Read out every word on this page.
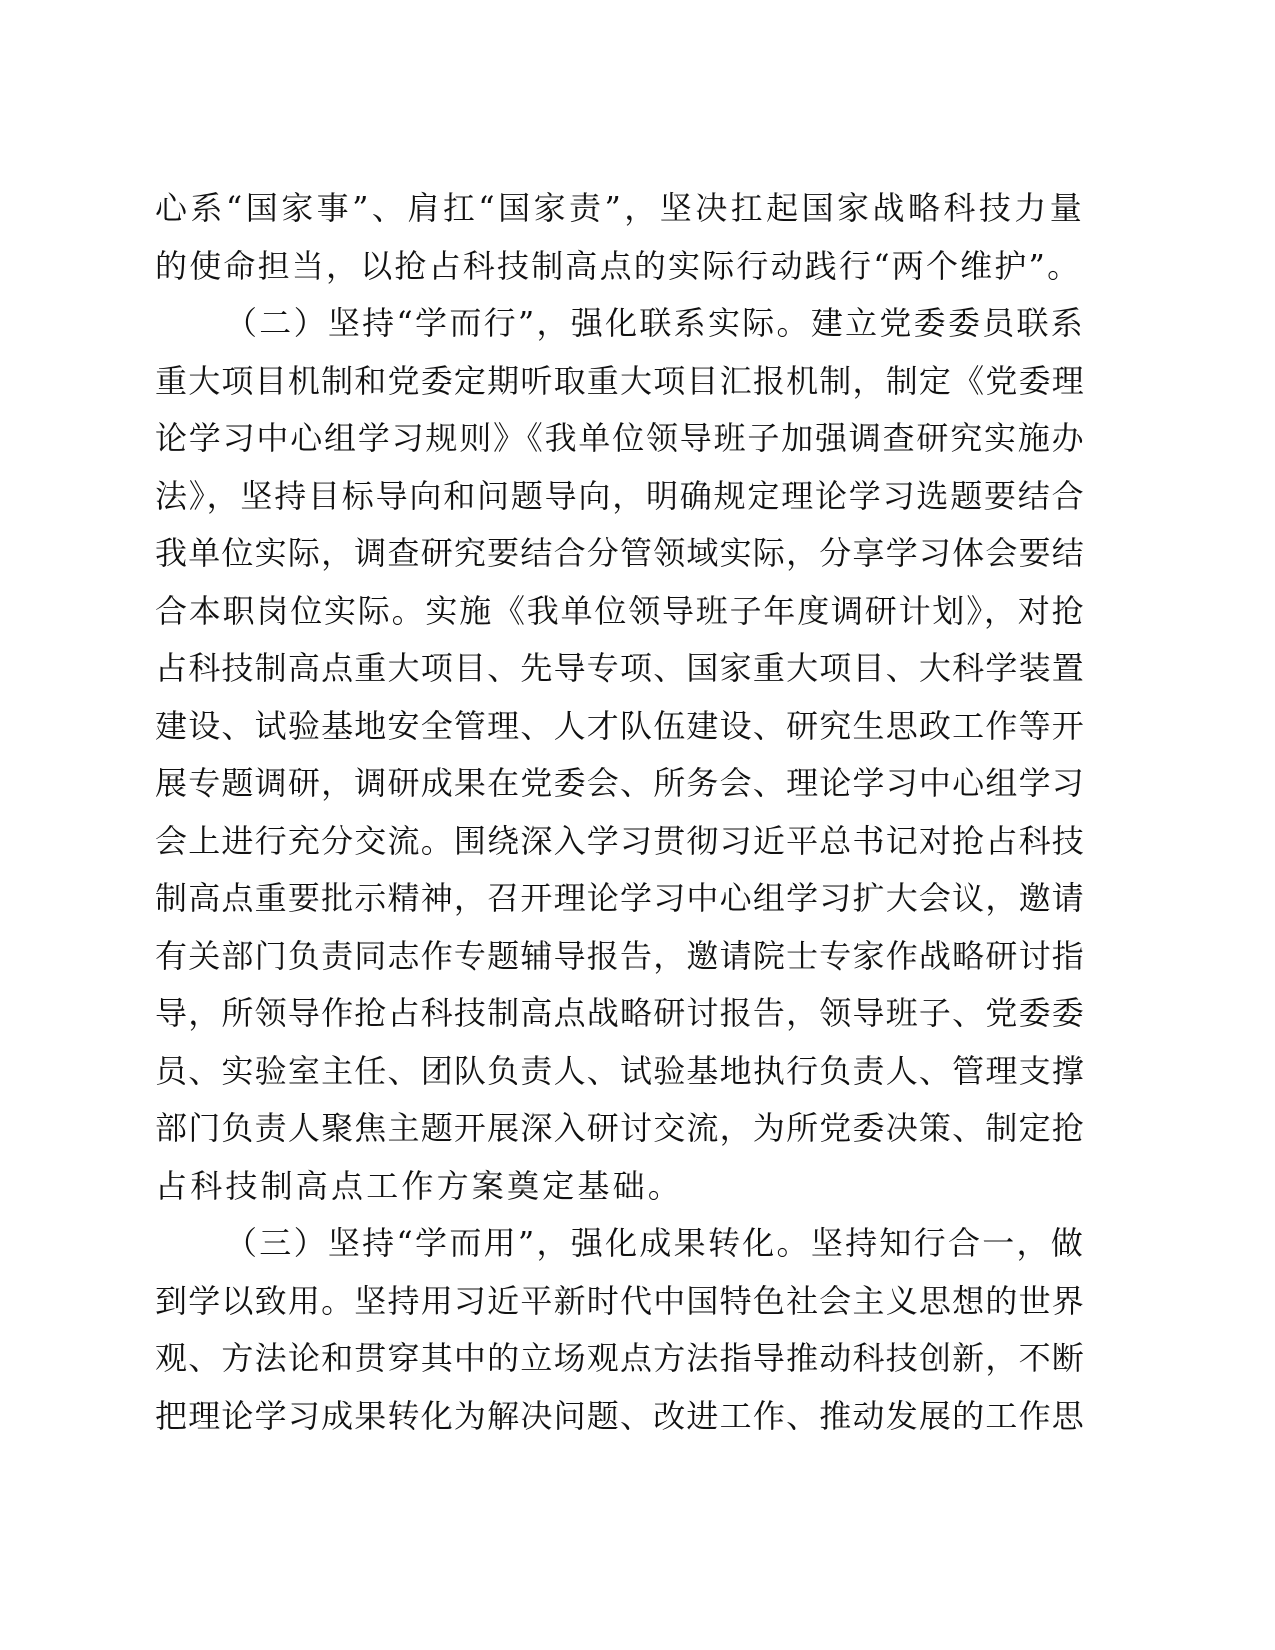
心系“国家事”、肩扛“国家责”，坚决扛起国家战略科技力量
的使命担当，以抢占科技制高点的实际行动践行“两个维护”。

（二）坚持“学而行”，强化联系实际。建立党委委员联系
重大项目机制和党委定期听取重大项目汇报机制，制定《党委理
论学习中心组学习规则》《我单位领导班子加强调查研究实施办
法》，坚持目标导向和问题导向，明确规定理论学习选题要结合
我单位实际，调查研究要结合分管领域实际，分享学习体会要结
合本职岗位实际。实施《我单位领导班子年度调研计划》，对抢
占科技制高点重大项目、先导专项、国家重大项目、大科学装置
建设、试验基地安全管理、人才队伍建设、研究生思政工作等开
展专题调研，调研成果在党委会、所务会、理论学习中心组学习
会上进行充分交流。围绕深入学习贯彻习近平总书记对抢占科技
制高点重要批示精神，召开理论学习中心组学习扩大会议，邀请
有关部门负责同志作专题辅导报告，邀请院士专家作战略研讨指
导，所领导作抢占科技制高点战略研讨报告，领导班子、党委委
员、实验室主任、团队负责人、试验基地执行负责人、管理支撑
部门负责人聚焦主题开展深入研讨交流，为所党委决策、制定抢
占科技制高点工作方案奠定基础。

（三）坚持“学而用”，强化成果转化。坚持知行合一，做
到学以致用。坚持用习近平新时代中国特色社会主义思想的世界
观、方法论和贯穿其中的立场观点方法指导推动科技创新，不断
把理论学习成果转化为解决问题、改进工作、推动发展的工作思
